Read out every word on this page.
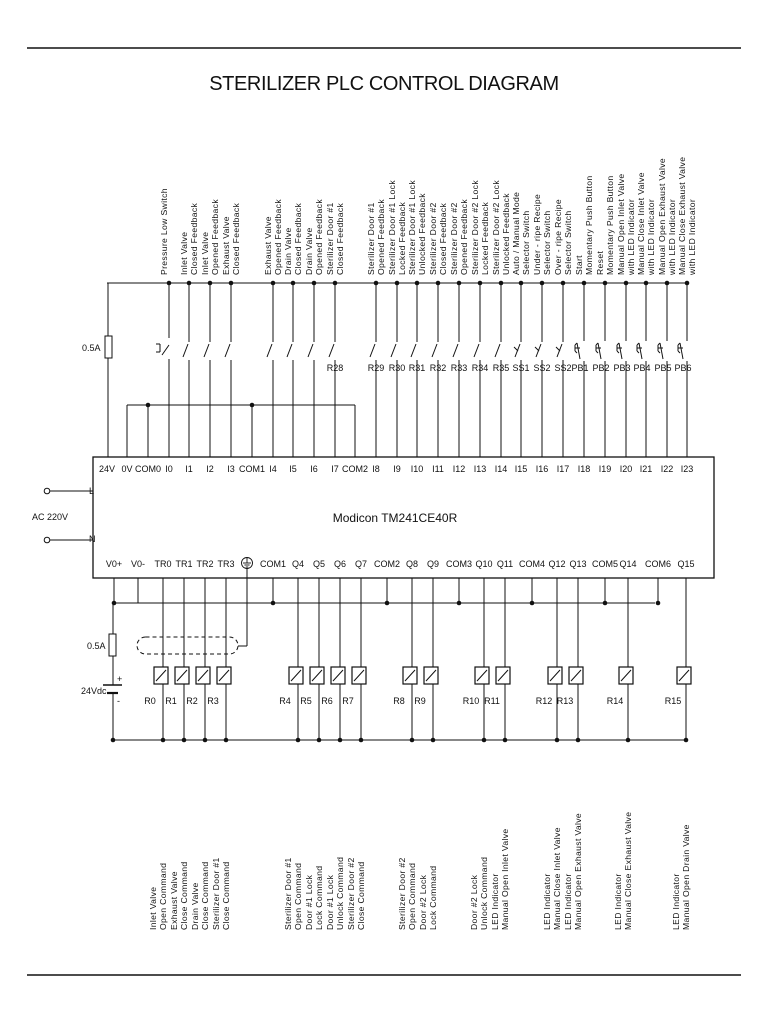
STERILIZER PLC CONTROL DIAGRAM
Modicon TM241CE40R
AC 220V
L
N
R28	R29 R30 R31 R32 R33 R34 R35 SS1 SS2 SS2 PB1 PB2 PB3 PB4 PB5 PB6
24V 0V COM0 I0 I1 I2 I3 COM1 I4 I5 I6 I7 COM2 I8 I9 I10 I11 I12 I13 I14 I15 I16 I17 I18 I19 I20 I21 I22 I23
Pressure Low Switch Inlet Valve Closed Feedback Inlet Valve Opened Feedback Exhaust Valve Closed Feedback	Exhaust Valve Opened Feedback Drain Valve Closed Feedback Drain Valve Opened Feedback Sterilizer Door #1 Closed Feedback Sterilizer Door #1 Opened Feedback Sterilizer Door #1 Lock Locked Feedback Sterilizer Door #1 Lock Unlocked Feedback Sterilizer Door #2 Closed Feedback Sterilizer Door #2 Opened Feedback Sterilizer Door #2 Lock Locked Feedback Sterilizer Door #2 Lock Unlocked Feedback Auto / Manual Mode Selector Switch Under - ripe Recipe Selector Switch Over - ripe Recipe Selector Switch Start Momentary Push Button Reset Momentary Push Button Manual Open Inlet Valve with LED Indicator Manual Close Inlet Valve with LED Indicator Manual Open Exhaust Valve with LED Indicator Manual Close Exhaust Valve with LED Indicator
0.5A
R0 R1 R2 R3	R4 R5 R6 R7	R8 R9	R10 R11	R12 R13	R14	R15
V0+ V0- TR0 TR1 TR2 TR3	COM1 Q4 Q5 Q6 Q7 COM2 Q8 Q9 COM3 Q10 Q11 COM4 Q12 Q13 COM5 Q14 COM6 Q15
Inlet Valve Open Command Exhaust Valve Close Command Drain Valve Close Command Sterilizer Door #1 Close Command	Sterilizer Door #1 Open Command Door #1 Lock Lock Command Door #1 Lock Unlock Command Sterilizer Door #2 Close Command	Sterilizer Door #2 Open Command Door #2 Lock Lock Command	Door #2 Lock Unlock Command LED Indicator Manual Open Inlet Valve	LED Indicator Manual Close Inlet Valve LED Indicator Manual Open Exhaust Valve	LED Indicator Manual Close Exhaust Valve	LED Indicator Manual Open Drain Valve
0.5A
+
-
24Vdc
